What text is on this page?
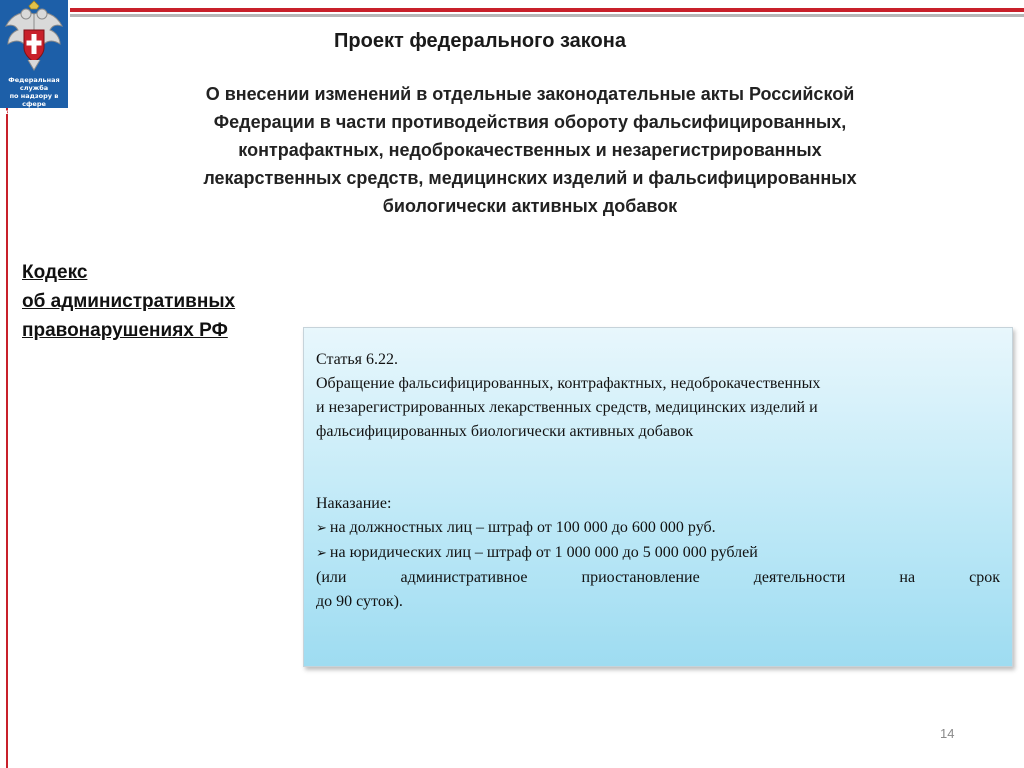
Федеральная служба
по надзору в сфере
здравоохранения
Проект федерального закона
О внесении изменений в отдельные законодательные акты Российской
Федерации в части противодействия обороту фальсифицированных,
контрафактных, недоброкачественных и незарегистрированных
лекарственных средств, медицинских изделий и фальсифицированных
биологически активных добавок
Кодекс
об административных
правонарушениях РФ

Статья 6.22.

Обращение фальсифицированных, контрафактных, недоброкачественных

и незарегистрированных лекарственных средств, медицинских изделий и

фальсифицированных биологически активных добавок

Наказание:

➢ на должностных лиц – штраф от 100 000 до 600 000 руб.

➢ на юридических лиц – штраф от 1 000 000 до 5 000 000 рублей

(или административное приостановление деятельности на срок

до 90 суток).

14
